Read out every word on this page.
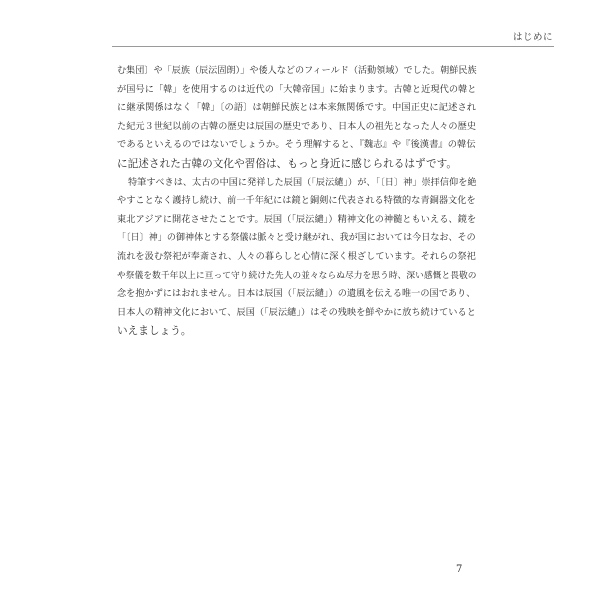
はじめに
む集団〕や「辰族（辰沄固朗）」や倭人などのフィールド（活動領域）でした。朝鮮民族
が国号に「韓」を使用するのは近代の「大韓帝国」に始まります。古韓と近現代の韓と
に継承関係はなく「韓」〔の語〕は朝鮮民族とは本来無関係です。中国正史に記述され
た紀元３世紀以前の古韓の歴史は辰国の歴史であり、日本人の祖先となった人々の歴史
であるといえるのではないでしょうか。そう理解すると、『魏志』や『後漢書』の韓伝
に記述された古韓の文化や習俗は、もっと身近に感じられるはずです。
特筆すべきは、太古の中国に発祥した辰国（「辰沄繾」）が、「〔日〕神」崇拝信仰を絶
やすことなく護持し続け、前一千年紀には鏡と銅剣に代表される特徴的な青銅器文化を
東北アジアに開花させたことです。辰国（「辰沄繾」）精神文化の神髄ともいえる、鏡を
「〔日〕神」の御神体とする祭儀は脈々と受け継がれ、我が国においては今日なお、その
流れを汲む祭祀が奉斎され、人々の暮らしと心情に深く根ざしています。それらの祭祀
や祭儀を数千年以上に亘って守り続けた先人の並々ならぬ尽力を思う時、深い感慨と畏敬の
念を抱かずにはおれません。日本は辰国（「辰沄繾」）の遺風を伝える唯一の国であり、
日本人の精神文化において、辰国（「辰沄繾」）はその残映を鮮やかに放ち続けていると
いえましょう。
7
